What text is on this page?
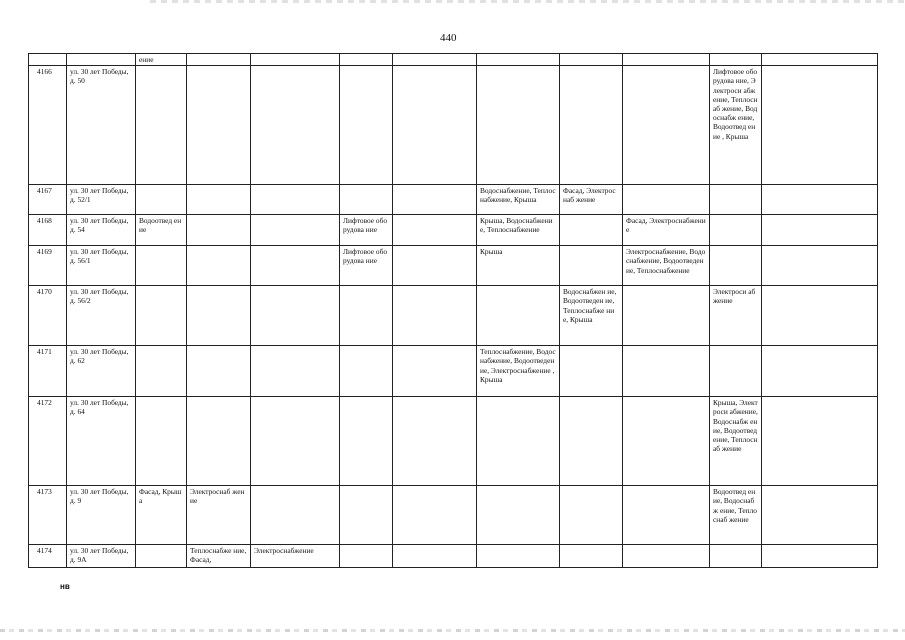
440
		ение									
4166	ул. 30 лет Победы, д. 50									Лифтовое оборудова ние, Электроси абжение, Теплоснаб жение, Водоснабж ение, Водоотвед ение , Крыша	
4167	ул. 30 лет Победы, д. 52/1						Водоснабжение, Теплоснабжение, Крыша	Фасад, Электроснаб жение			
4168	ул. 30 лет Победы, д. 54	Водоотвед ение			Лифтовое оборудова ние		Крыша, Водоснабжение, Теплоснабжение		Фасад, Электроснабжение		
4169	ул. 30 лет Победы, д. 56/1				Лифтовое оборудова ние		Крыша		Электроснабжение, Водоснабжение, Водоотведение, Теплоснабжение		
4170	ул. 30 лет Победы, д. 56/2							Водоснабжен ие, Водоотведен ие, Теплоснабже ние, Крыша		Электроси абжение	
4171	ул. 30 лет Победы, д. 62						Теплоснабжение, Водоснабжение, Водоотведение, Электроснабжение , Крыша				
4172	ул. 30 лет Победы, д. 64									Крыша, Электроси абжение, Водоснабж ение, Водоотвед ение, Теплоснаб жение	
4173	ул. 30 лет Победы, д. 9	Фасад, Крыша	Электроснаб жение							Водоотвед ение, Водоснабж ение, Теплоснаб жение	
4174	ул. 30 лет Победы, д. 9А		Теплоснабже ние, Фасад,	Электроснабжение							
нв
